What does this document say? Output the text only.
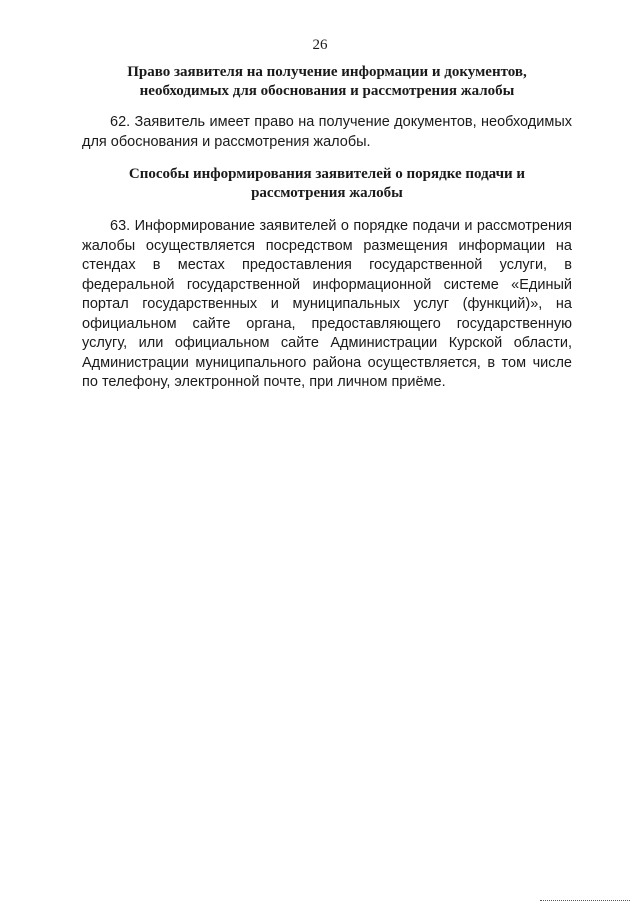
26
Право заявителя на получение информации и документов, необходимых для обоснования и рассмотрения жалобы
62. Заявитель имеет право на получение документов, необходимых для обоснования и рассмотрения жалобы.
Способы информирования заявителей о порядке подачи и рассмотрения жалобы
63. Информирование заявителей о порядке подачи и рассмотрения жалобы осуществляется посредством размещения информации на стендах в местах предоставления государственной услуги, в федеральной государственной информационной системе «Единый портал государственных и муниципальных услуг (функций)», на официальном сайте органа, предоставляющего государственную услугу, или официальном сайте Администрации Курской области, Администрации муниципального района осуществляется, в том числе по телефону, электронной почте, при личном приёме.
